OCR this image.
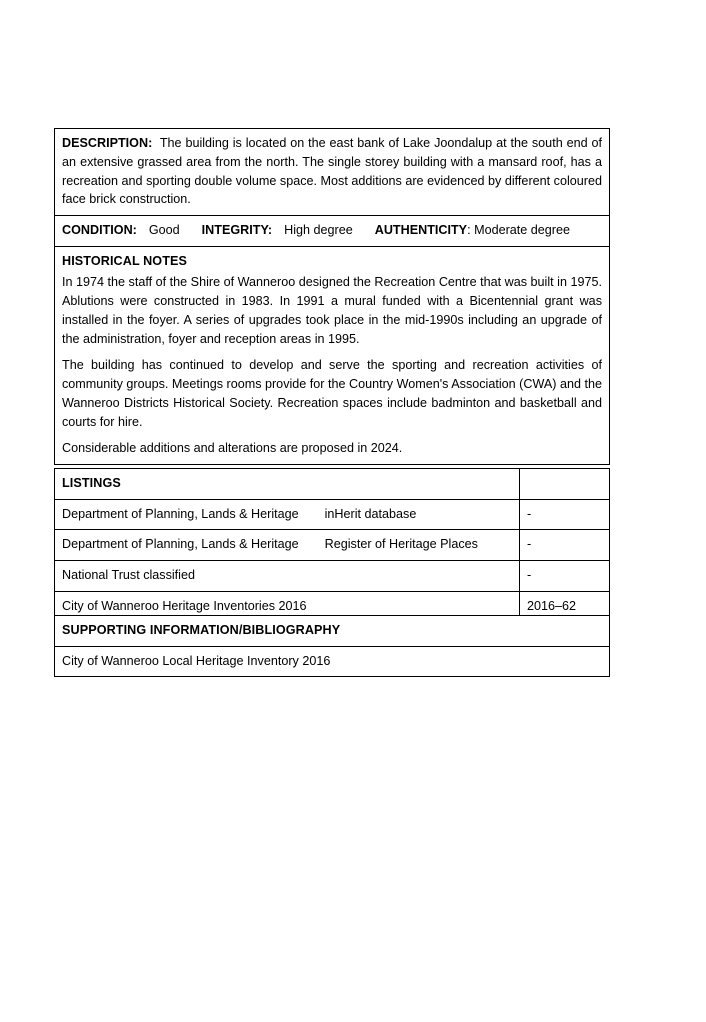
DESCRIPTION: The building is located on the east bank of Lake Joondalup at the south end of an extensive grassed area from the north. The single storey building with a mansard roof, has a recreation and sporting double volume space. Most additions are evidenced by different coloured face brick construction.

CONDITION: Good INTEGRITY: High degree AUTHENTICITY: Moderate degree

HISTORICAL NOTES

In 1974 the staff of the Shire of Wanneroo designed the Recreation Centre that was built in 1975. Ablutions were constructed in 1983. In 1991 a mural funded with a Bicentennial grant was installed in the foyer. A series of upgrades took place in the mid-1990s including an upgrade of the administration, foyer and reception areas in 1995.

The building has continued to develop and serve the sporting and recreation activities of community groups. Meetings rooms provide for the Country Women's Association (CWA) and the Wanneroo Districts Historical Society. Recreation spaces include badminton and basketball and courts for hire.

Considerable additions and alterations are proposed in 2024.

LISTINGS	
Department of Planning, Lands & Heritage inHerit database	-
Department of Planning, Lands & Heritage Register of Heritage Places	-
National Trust classified	-
City of Wanneroo Heritage Inventories 2016	2016–62
SUPPORTING INFORMATION/BIBLIOGRAPHY
City of Wanneroo Local Heritage Inventory 2016
